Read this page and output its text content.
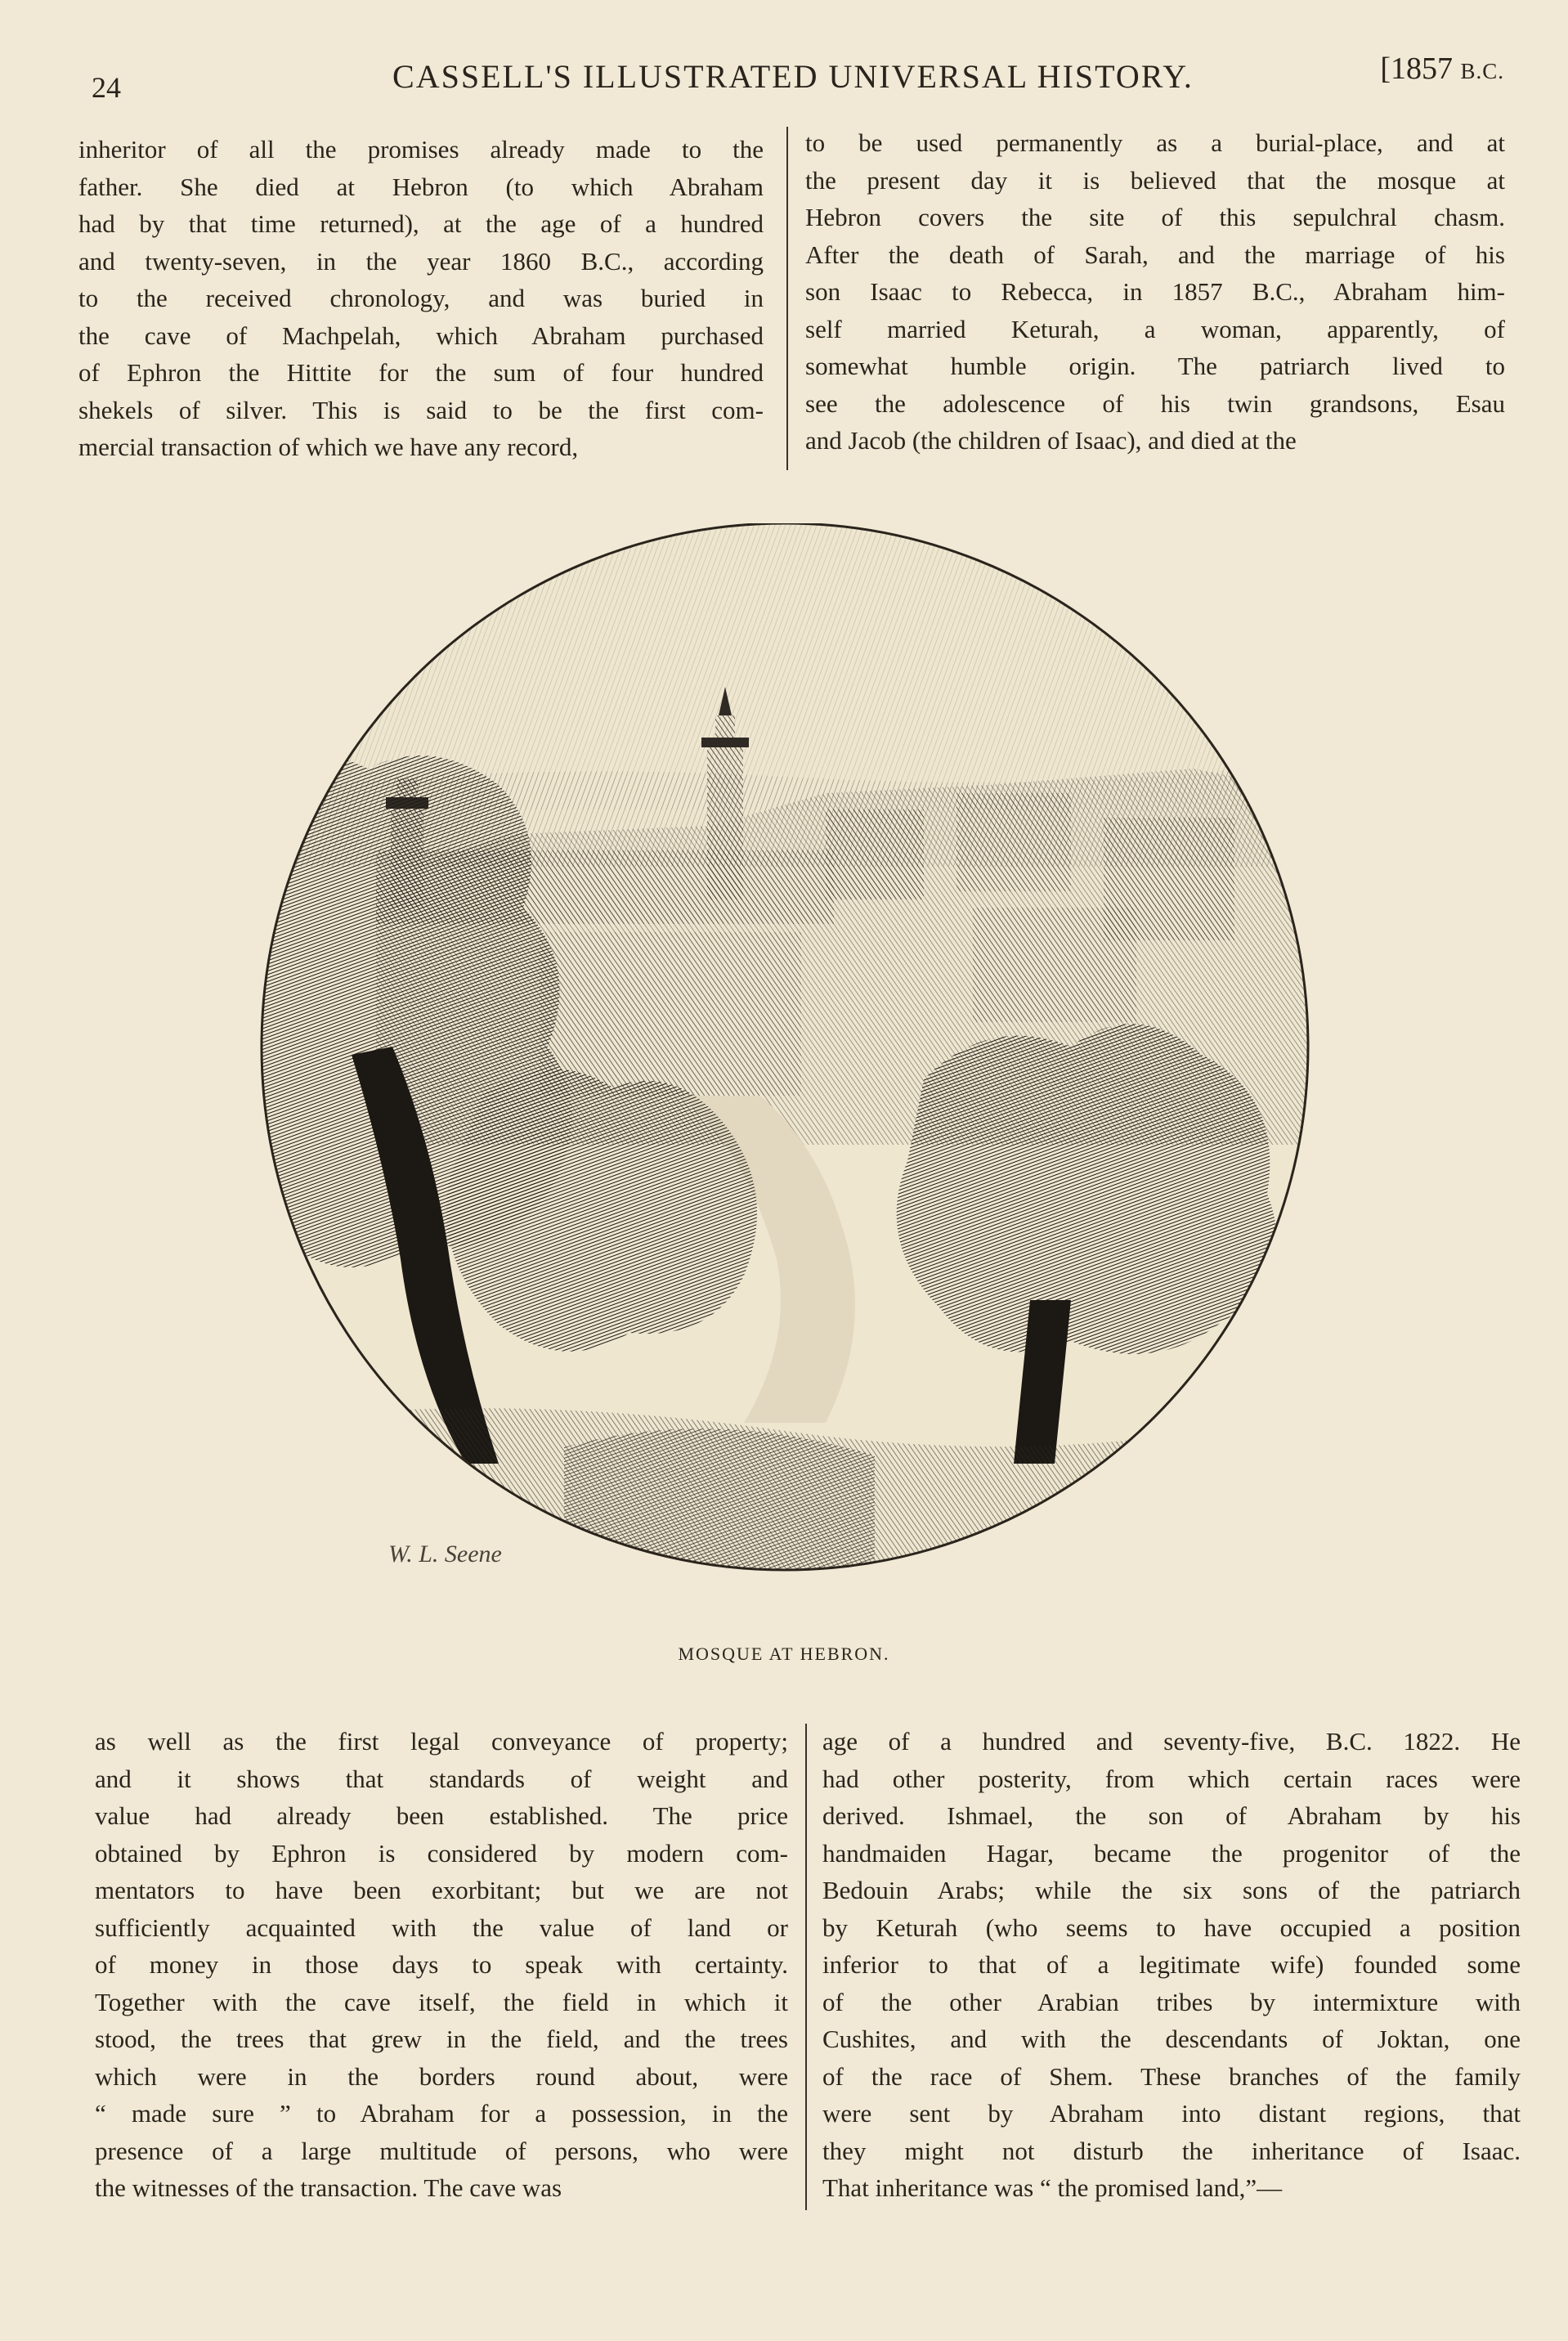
24	CASSELL'S ILLUSTRATED UNIVERSAL HISTORY.	[1857 B.C.
inheritor of all the promises already made to the
father. She died at Hebron (to which Abraham
had by that time returned), at the age of a hundred
and twenty-seven, in the year 1860 B.C., according
to the received chronology, and was buried in
the cave of Machpelah, which Abraham purchased
of Ephron the Hittite for the sum of four hundred
shekels of silver. This is said to be the first com-
mercial transaction of which we have any record,
to be used permanently as a burial-place, and at
the present day it is believed that the mosque at
Hebron covers the site of this sepulchral chasm.
After the death of Sarah, and the marriage of his
son Isaac to Rebecca, in 1857 B.C., Abraham him-
self married Keturah, a woman, apparently, of
somewhat humble origin. The patriarch lived to
see the adolescence of his twin grandsons, Esau
and Jacob (the children of Isaac), and died at the
W. L. Seene
MOSQUE AT HEBRON.
as well as the first legal conveyance of property;
and it shows that standards of weight and
value had already been established. The price
obtained by Ephron is considered by modern com-
mentators to have been exorbitant; but we are not
sufficiently acquainted with the value of land or
of money in those days to speak with certainty.
Together with the cave itself, the field in which it
stood, the trees that grew in the field, and the trees
which were in the borders round about, were
“ made sure ” to Abraham for a possession, in the
presence of a large multitude of persons, who were
the witnesses of the transaction. The cave was
age of a hundred and seventy-five, B.C. 1822. He
had other posterity, from which certain races were
derived. Ishmael, the son of Abraham by his
handmaiden Hagar, became the progenitor of the
Bedouin Arabs; while the six sons of the patriarch
by Keturah (who seems to have occupied a position
inferior to that of a legitimate wife) founded some
of the other Arabian tribes by intermixture with
Cushites, and with the descendants of Joktan, one
of the race of Shem. These branches of the family
were sent by Abraham into distant regions, that
they might not disturb the inheritance of Isaac.
That inheritance was “ the promised land,”—
